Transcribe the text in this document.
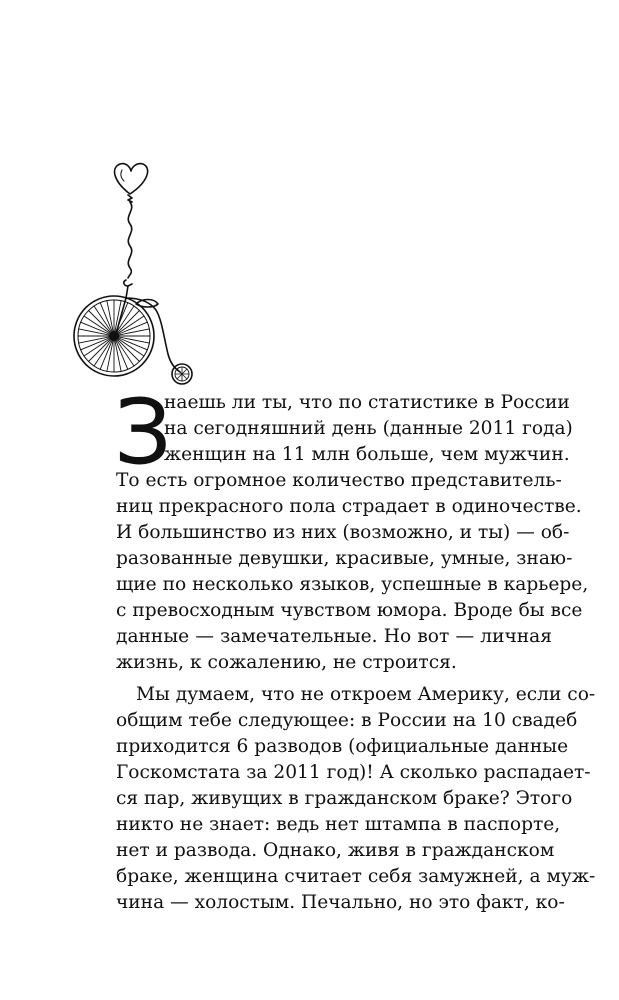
З
наешь ли ты, что по статистике в России
на сегодняшний день (данные 2011 года)
женщин на 11 млн больше, чем мужчин.
То есть огромное количество представитель-
ниц прекрасного пола страдает в одиночестве.
И большинство из них (возможно, и ты) — об-
разованные девушки, красивые, умные, знаю-
щие по несколько языков, успешные в карьере,
с превосходным чувством юмора. Вроде бы все
данные — замечательные. Но вот — личная
жизнь, к сожалению, не строится.
Мы думаем, что не откроем Америку, если со-
общим тебе следующее: в России на 10 свадеб
приходится 6 разводов (официальные данные
Госкомстата за 2011 год)! А сколько распадает-
ся пар, живущих в гражданском браке? Этого
никто не знает: ведь нет штампа в паспорте,
нет и развода. Однако, живя в гражданском
браке, женщина считает себя замужней, а муж-
чина — холостым. Печально, но это факт, ко-
